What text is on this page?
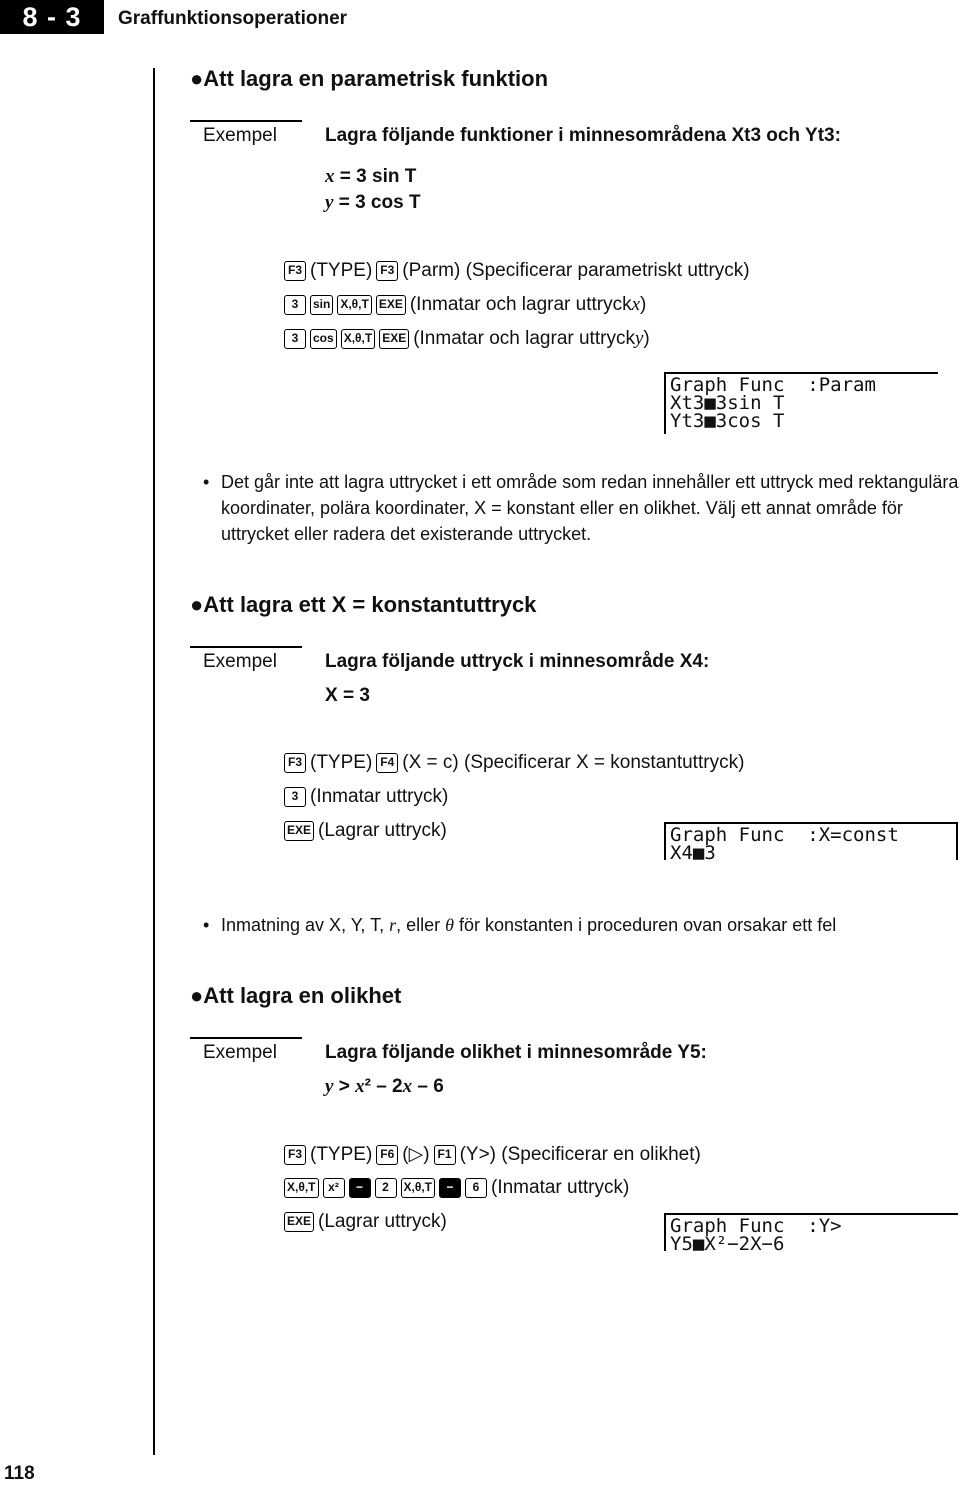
8 - 3	Graffunktionsoperationer
118
●Att lagra en parametrisk funktion
Exempel	Lagra följande funktioner i minnesområdena Xt3 och Yt3:
x = 3 sin T
y = 3 cos T
F3 (TYPE) F3 (Parm) (Specificerar parametriskt uttryck)
3	sin X,θ,T EXE (Inmatar och lagrar uttryck x )
3	cos X,θ,T EXE (Inmatar och lagrar uttryck y )
Graph Func  :Param
Xt3■3sin T
Yt3■3cos T
• Det går inte att lagra uttrycket i ett område som redan innehåller ett uttryck med rektangulära koordinater, polära koordinater, X = konstant eller en olikhet. Välj ett annat område för uttrycket eller radera det existerande uttrycket.
●Att lagra ett X = konstantuttryck
Exempel	Lagra följande uttryck i minnesområde X4:
X = 3
F3 (TYPE) F4 (X = c) (Specificerar X = konstantuttryck)
3 (Inmatar uttryck)
EXE (Lagrar uttryck)	Graph Func  :X=const
X4■3
• Inmatning av X, Y, T, r, eller θ för konstanten i proceduren ovan orsakar ett fel
●Att lagra en olikhet
Exempel	Lagra följande olikhet i minnesområde Y5:
y > x² – 2x – 6
F3 (TYPE) F6 (▷) F1 (Y>) (Specificerar en olikhet)
X,θ,T	x²	−	2	X,θ,T	−	6 (Inmatar uttryck)
EXE (Lagrar uttryck)	Graph Func  :Y>
Y5■X²−2X−6
